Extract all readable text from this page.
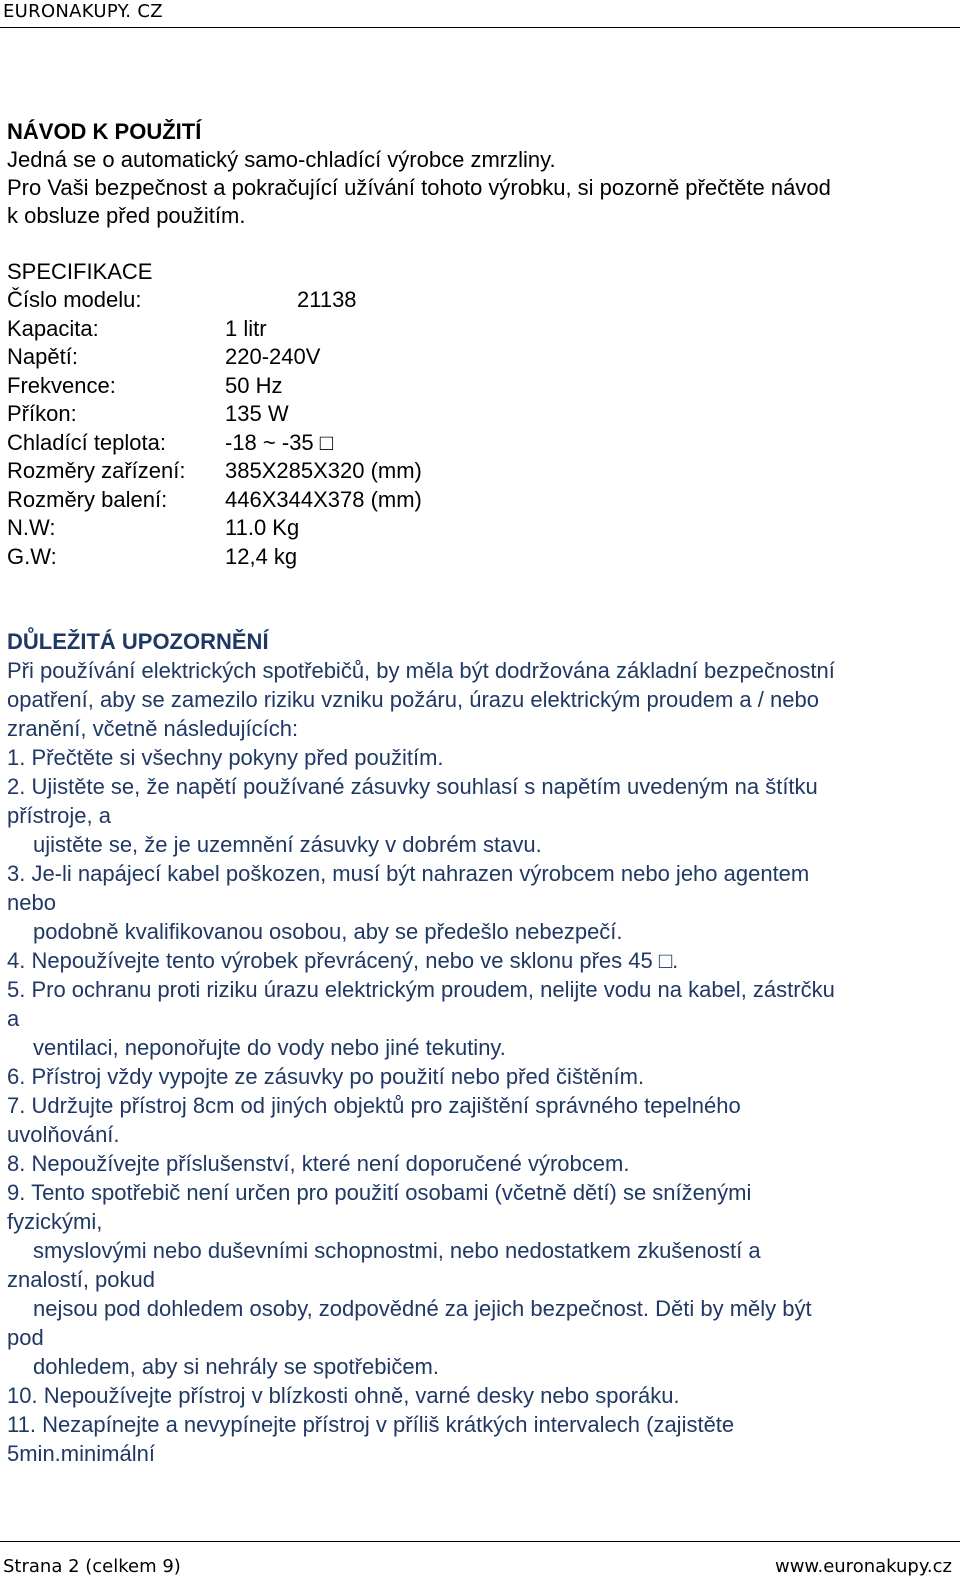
EURONAKUPY. CZ
NÁVOD K POUŽITÍ
Jedná se o automatický samo-chladící výrobce zmrzliny.
Pro Vaši bezpečnost a pokračující užívání tohoto výrobku, si pozorně přečtěte návod
k obsluze před použitím.
SPECIFIKACE
Číslo modelu:	21138
Kapacita:	1 litr
Napětí:	220-240V
Frekvence:	50 Hz
Příkon:	135 W
Chladící teplota:	-18 ~ -35 □
Rozměry zařízení:	385X285X320 (mm)
Rozměry balení:	446X344X378 (mm)
N.W:	11.0 Kg
G.W:	12,4 kg
DŮLEŽITÁ UPOZORNĚNÍ
Při používání elektrických spotřebičů, by měla být dodržována základní bezpečnostní
opatření, aby se zamezilo riziku vzniku požáru, úrazu elektrickým proudem a / nebo
zranění, včetně následujících:
1. Přečtěte si všechny pokyny před použitím.
2. Ujistěte se, že napětí používané zásuvky souhlasí s napětím uvedeným na štítku
přístroje, a
ujistěte se, že je uzemnění zásuvky v dobrém stavu.
3. Je-li napájecí kabel poškozen, musí být nahrazen výrobcem nebo jeho agentem
nebo
podobně kvalifikovanou osobou, aby se předešlo nebezpečí.
4. Nepoužívejte tento výrobek převrácený, nebo ve sklonu přes 45 □.
5. Pro ochranu proti riziku úrazu elektrickým proudem, nelijte vodu na kabel, zástrčku
a
ventilaci, neponořujte do vody nebo jiné tekutiny.
6. Přístroj vždy vypojte ze zásuvky po použití nebo před čištěním.
7. Udržujte přístroj 8cm od jiných objektů pro zajištění správného tepelného
uvolňování.
8. Nepoužívejte příslušenství, které není doporučené výrobcem.
9. Tento spotřebič není určen pro použití osobami (včetně dětí) se sníženými
fyzickými,
smyslovými nebo duševními schopnostmi, nebo nedostatkem zkušeností a
znalostí, pokud
nejsou pod dohledem osoby, zodpovědné za jejich bezpečnost. Děti by měly být
pod
dohledem, aby si nehrály se spotřebičem.
10. Nepoužívejte přístroj v blízkosti ohně, varné desky nebo sporáku.
11. Nezapínejte a nevypínejte přístroj v příliš krátkých intervalech (zajistěte
5min.minimální
Strana 2 (celkem 9)	www.euronakupy.cz
